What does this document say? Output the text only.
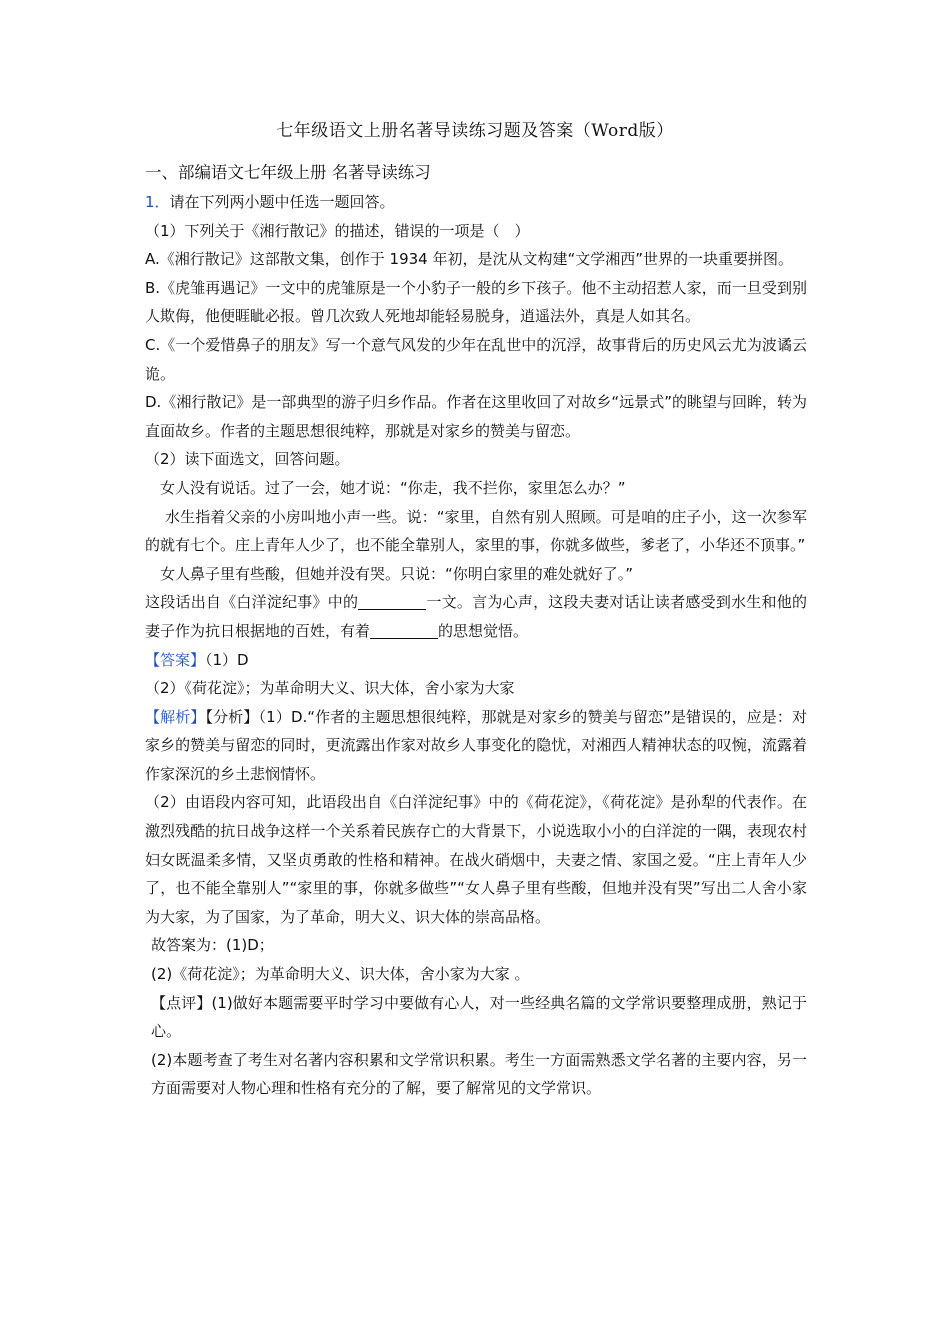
七年级语文上册名著导读练习题及答案（Word版）
一、部编语文七年级上册 名著导读练习

1．请在下列两小题中任选一题回答。

（1）下列关于《湘行散记》的描述，错误的一项是（　）

A.《湘行散记》这部散文集，创作于 1934 年初，是沈从文构建“文学湘西”世界的一块重要拼图。

B.《虎雏再遇记》一文中的虎雏原是一个小豹子一般的乡下孩子。他不主动招惹人家，而一旦受到别人欺侮，他便睚眦必报。曾几次致人死地却能轻易脱身，逍遥法外，真是人如其名。

C.《一个爱惜鼻子的朋友》写一个意气风发的少年在乱世中的沉浮，故事背后的历史风云尤为波谲云诡。

D.《湘行散记》是一部典型的游子归乡作品。作者在这里收回了对故乡“远景式”的眺望与回眸，转为直面故乡。作者的主题思想很纯粹，那就是对家乡的赞美与留恋。

（2）读下面选文，回答问题。

女人没有说话。过了一会，她才说：“你走，我不拦你，家里怎么办？”

水生指着父亲的小房叫地小声一些。说：“家里，自然有别人照顾。可是咱的庄子小，这一次参军的就有七个。庄上青年人少了，也不能全靠别人，家里的事，你就多做些，爹老了，小华还不顶事。”

女人鼻子里有些酸，但她并没有哭。只说：“你明白家里的难处就好了。”

这段话出自《白洋淀纪事》中的	一文。言为心声，这段夫妻对话让读者感受到水生和他的妻子作为抗日根据地的百姓，有着	的思想觉悟。

【答案】（1）D

（2）《荷花淀》；为革命明大义、识大体，舍小家为大家

【解析】【分析】（1）D.“作者的主题思想很纯粹，那就是对家乡的赞美与留恋”是错误的，应是：对家乡的赞美与留恋的同时，更流露出作家对故乡人事变化的隐忧，对湘西人精神状态的叹惋，流露着作家深沉的乡土悲悯情怀。

（2）由语段内容可知，此语段出自《白洋淀纪事》中的《荷花淀》，《荷花淀》是孙犁的代表作。在激烈残酷的抗日战争这样一个关系着民族存亡的大背景下，小说选取小小的白洋淀的一隅，表现农村妇女既温柔多情，又坚贞勇敢的性格和精神。在战火硝烟中，夫妻之情、家国之爱。“庄上青年人少了，也不能全靠别人”“家里的事，你就多做些”“女人鼻子里有些酸，但地并没有哭”写出二人舍小家为大家，为了国家，为了革命，明大义、识大体的崇高品格。

故答案为：(1)D；

(2)《荷花淀》；为革命明大义、识大体，舍小家为大家 。

【点评】(1)做好本题需要平时学习中要做有心人，对一些经典名篇的文学常识要整理成册，熟记于心。

(2)本题考查了考生对名著内容积累和文学常识积累。考生一方面需熟悉文学名著的主要内容，另一方面需要对人物心理和性格有充分的了解，要了解常见的文学常识。
